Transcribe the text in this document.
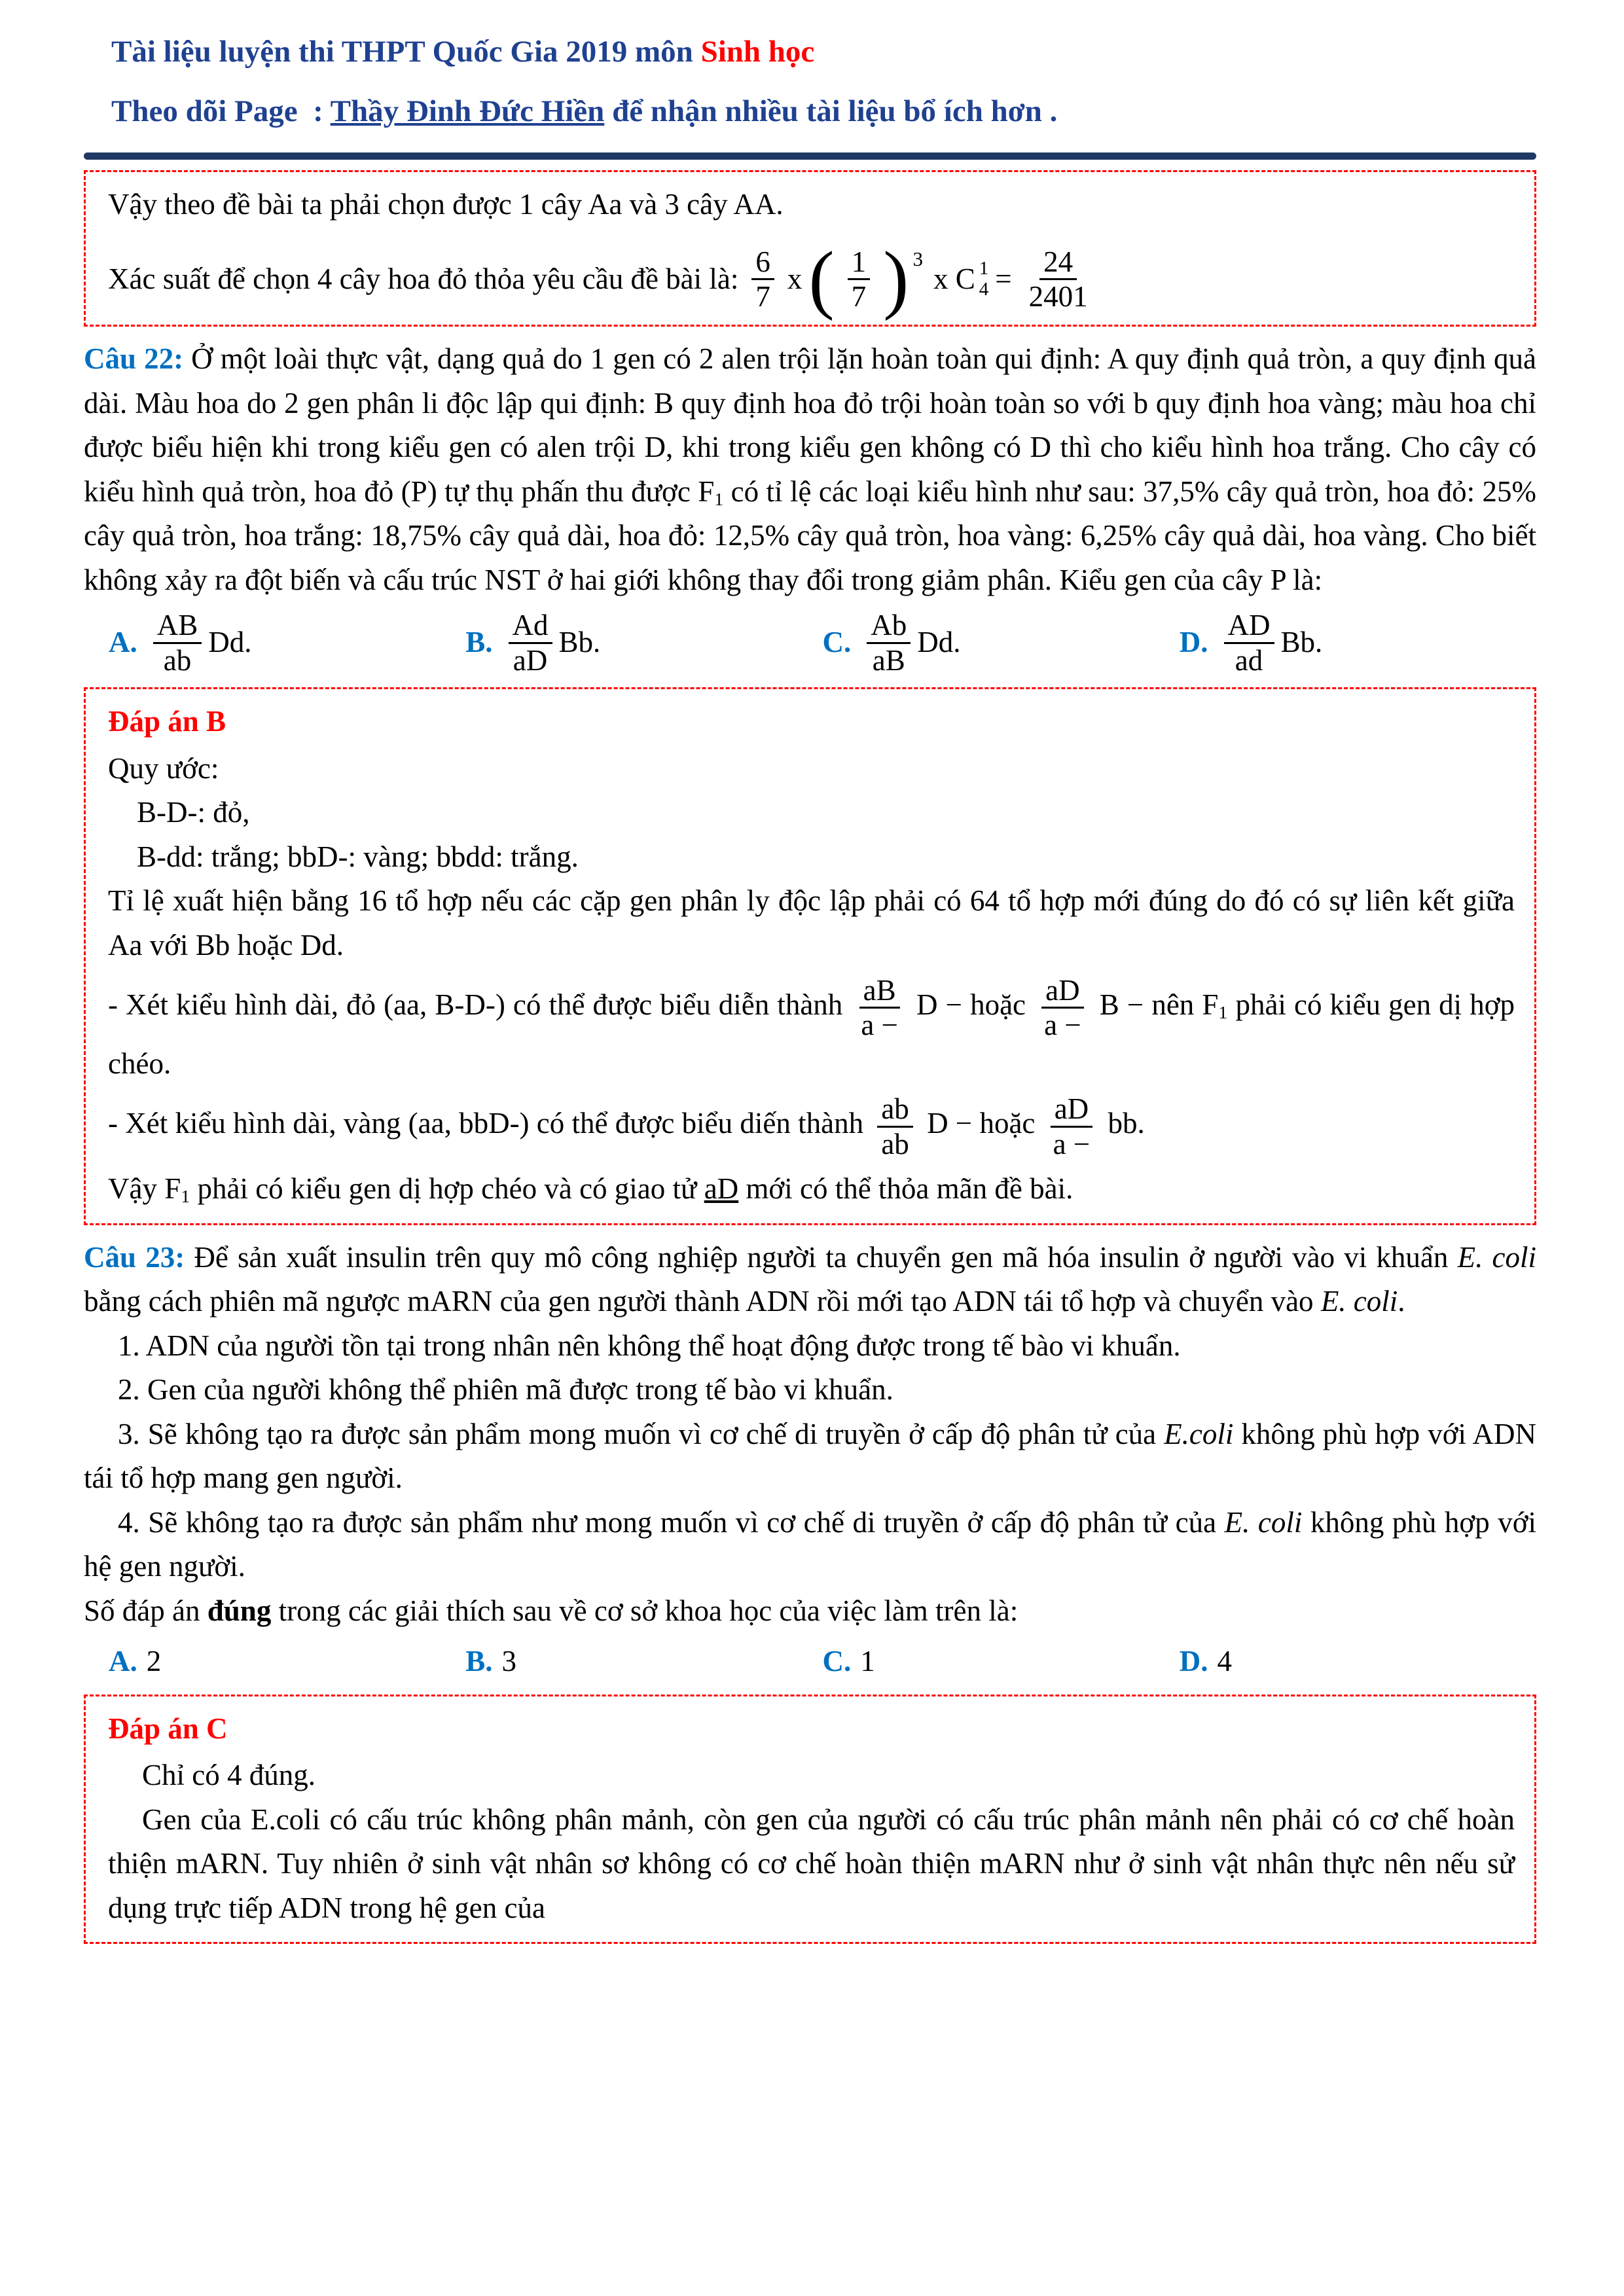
Tài liệu luyện thi THPT Quốc Gia 2019 môn Sinh học
Theo dõi Page  : Thầy Đinh Đức Hiền để nhận nhiều tài liệu bổ ích hơn .

Vậy theo đề bài ta phải chọn được 1 cây Aa và 3 cây AA.

Xác suất để chọn 4 cây hoa đỏ thỏa yêu cầu đề bài là: $\frac{6}{7}$ x ( $\frac{1}{7}$ ) 3
x C 1
$4 = \frac{24}{2401}$

Câu 22: Ở một loài thực vật, dạng quả do 1 gen có 2 alen trội lặn hoàn toàn qui định: A quy định quả tròn, a quy định quả dài. Màu hoa do 2 gen phân li độc lập qui định: B quy định hoa đỏ trội hoàn toàn so với b quy định hoa vàng; màu hoa chỉ được biểu hiện khi trong kiểu gen có alen trội D, khi trong kiểu gen không có D thì cho kiểu hình hoa trắng. Cho cây có kiểu hình quả tròn, hoa đỏ (P) tự thụ phấn thu được $F_1$ có tỉ lệ các loại kiểu hình như sau: 37,5% cây quả tròn, hoa đỏ: 25% cây quả tròn, hoa trắng: 18,75% cây quả dài, hoa đỏ: 12,5% cây quả tròn, hoa vàng: 6,25% cây quả dài, hoa vàng. Cho biết không xảy ra đột biến và cấu trúc NST ở hai giới không thay đổi trong giảm phân. Kiểu gen của cây P là:

A. $\frac{AB}{ab} Dd$.	B. $\frac{Ad}{aD} Bb$.	C. $\frac{Ab}{aB} Dd$.	D. $\frac{AD}{ad} Bb$.

Đáp án B

Quy ước:

B-D-: đỏ,

B-dd: trắng; bbD-: vàng; bbdd: trắng.

Tỉ lệ xuất hiện bằng 16 tổ hợp nếu các cặp gen phân ly độc lập phải có 64 tổ hợp mới đúng do đó có sự liên kết giữa Aa với Bb hoặc Dd.

- Xét kiểu hình dài, đỏ (aa, B-D-) có thể được biểu diễn thành $\frac{aB}{a -}$ D − hoặc $\frac{aD}{a -}$ B − nên $F_1$ phải có kiểu gen dị hợp chéo.

- Xét kiểu hình dài, vàng (aa, bbD-) có thể được biểu diến thành $\frac{ab}{ab}$ D − hoặc $\frac{aD}{a -}$ bb.

Vậy $F_1$ phải có kiểu gen dị hợp chéo và có giao tử aD mới có thể thỏa mãn đề bài.

Câu 23: Để sản xuất insulin trên quy mô công nghiệp người ta chuyển gen mã hóa insulin ở người vào vi khuẩn E. coli bằng cách phiên mã ngược mARN của gen người thành ADN rồi mới tạo ADN tái tổ hợp và chuyển vào E. coli.

1. ADN của người tồn tại trong nhân nên không thể hoạt động được trong tế bào vi khuẩn.

2. Gen của người không thể phiên mã được trong tế bào vi khuẩn.

3. Sẽ không tạo ra được sản phẩm mong muốn vì cơ chế di truyền ở cấp độ phân tử của E.coli không phù hợp với ADN tái tổ hợp mang gen người.

4. Sẽ không tạo ra được sản phẩm như mong muốn vì cơ chế di truyền ở cấp độ phân tử của E. coli không phù hợp với hệ gen người.

Số đáp án đúng trong các giải thích sau về cơ sở khoa học của việc làm trên là:

A. 2	B. 3	C. 1	D. 4

Đáp án C

Chỉ có 4 đúng.

Gen của E.coli có cấu trúc không phân mảnh, còn gen của người có cấu trúc phân mảnh nên phải có cơ chế hoàn thiện mARN. Tuy nhiên ở sinh vật nhân sơ không có cơ chế hoàn thiện mARN như ở sinh vật nhân thực nên nếu sử dụng trực tiếp ADN trong hệ gen của
